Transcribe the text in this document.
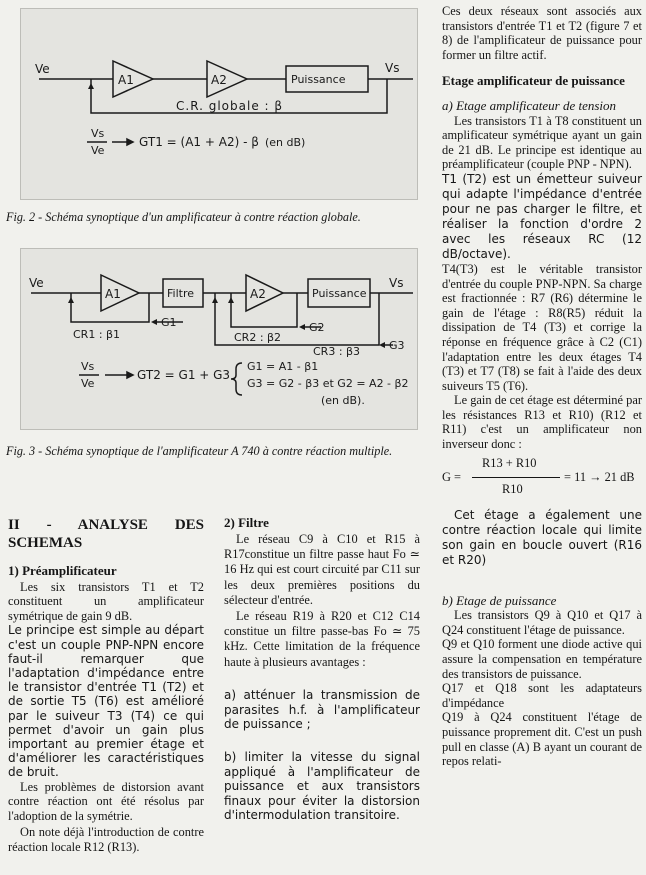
Ve
A1	A2	Puissance
Vs
C.R. globale : β
Vs
Ve
GT1 = (A1 + A2) - β (en dB)
Fig. 2 - Schéma synoptique d'un amplificateur à contre réaction globale.
Ve
A1	Filtre	A2	Puissance
Vs
CR1 : β1
G1
CR2 : β2
G2
CR3 : β3	G3
Vs
Ve
GT2 = G1 + G3
G1 = A1 - β1
G3 = G2 - β3 et G2 = A2 - β2
(en dB).
Fig. 3 - Schéma synoptique de l'amplificateur A 740 à contre réaction multiple.
II - ANALYSE DES SCHEMAS
1) Préamplificateur

Les six transistors T1 et T2 constituent un amplificateur symétrique de gain 9 dB.

Le principe est simple au départ c'est un couple PNP-NPN encore faut-il remarquer que l'adaptation d'impédance entre le transistor d'entrée T1 (T2) et de sortie T5 (T6) est amélioré par le suiveur T3 (T4) ce qui permet d'avoir un gain plus important au premier étage et d'améliorer les caractéristiques de bruit.

Les problèmes de distorsion avant contre réaction ont été résolus par l'adoption de la symétrie.

On note déjà l'introduction de contre réaction locale R12 (R13).

2) Filtre

Le réseau C9 à C10 et R15 à R17constitue un filtre passe haut Fo ≃ 16 Hz qui est court circuité par C11 sur les deux premières positions du sélecteur d'entrée.

Le réseau R19 à R20 et C12 C14 constitue un filtre passe-bas Fo ≃ 75 kHz. Cette limitation de la fréquence haute à plusieurs avantages :

a) atténuer la transmission de parasites h.f. à l'amplificateur de puissance ;

b) limiter la vitesse du signal appliqué à l'amplificateur de puissance et aux transistors finaux pour éviter la distorsion d'intermodulation transitoire.

Ces deux réseaux sont associés aux transistors d'entrée T1 et T2 (figure 7 et 8) de l'amplificateur de puissance pour former un filtre actif.

Etage amplificateur de puissance
a) Etage amplificateur de tension

Les transistors T1 à T8 constituent un amplificateur symétrique ayant un gain de 21 dB. Le principe est identique au préamplificateur (couple PNP - NPN).

T1 (T2) est un émetteur suiveur qui adapte l'impédance d'entrée pour ne pas charger le filtre, et réaliser la fonction d'ordre 2 avec les réseaux RC (12 dB/octave).

T4(T3) est le véritable transistor d'entrée du couple PNP-NPN. Sa charge est fractionnée : R7 (R6) détermine le gain de l'étage : R8(R5) réduit la dissipation de T4 (T3) et corrige la réponse en fréquence grâce à C2 (C1) l'adaptation entre les deux étages T4 (T3) et T7 (T8) se fait à l'aide des deux suiveurs T5 (T6).

Le gain de cet étage est déterminé par les résistances R13 et R10) (R12 et R11) c'est un amplificateur non inverseur donc :

G =
R13 + R10
R10
= 11 → 21 dB

Cet étage a également une contre réaction locale qui limite son gain en boucle ouvert (R16 et R20)

b) Etage de puissance

Les transistors Q9 à Q10 et Q17 à Q24 constituent l'étage de puissance.

Q9 et Q10 forment une diode active qui assure la compensation en température des transistors de puissance.

Q17 et Q18 sont les adaptateurs d'impédance

Q19 à Q24 constituent l'étage de puissance proprement dit. C'est un push pull en classe (A) B ayant un courant de repos relati-
